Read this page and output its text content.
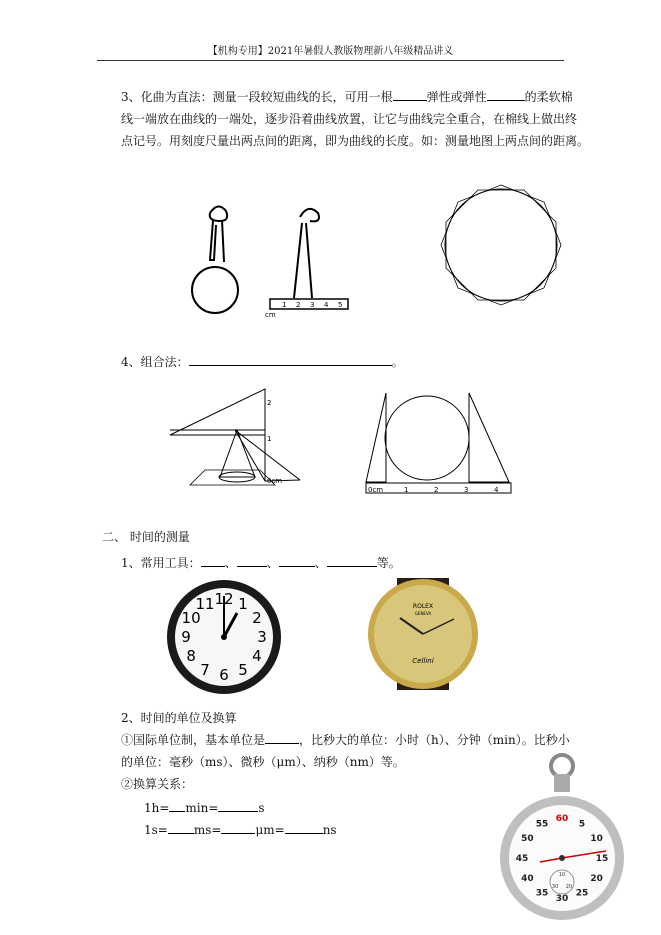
【机构专用】2021年暑假人教版物理新八年级精品讲义
3、化曲为直法：测量一段较短曲线的长，可用一根	弹性或弹性	的柔软棉
线一端放在曲线的一端处，逐步沿着曲线放置，让它与曲线完全重合，在棉线上做出终
点记号。用刻度尺量出两点间的距离，即为曲线的长度。如：测量地图上两点间的距离。
cm
1 2 3 4 5
4、组合法：	。
2
1
0cm
0cm	1	2	3	4
二、 时间的测量
1、常用工具： 、	、	、	等。
12 1
2
3
4
5
6
7
8
9
10
11	ROLEX
GENEVA
Cellini
2、时间的单位及换算
①国际单位制，基本单位是	，比秒大的单位：小时（h）、分钟（min）。比秒小
的单位：毫秒（ms）、微秒（μm）、纳秒（nm）等。
②换算关系：
1h= min=	s
1s= ms=	μm=	ns
60
5
10
15
20
25
30
35
40
45
50
55
10
20
30
